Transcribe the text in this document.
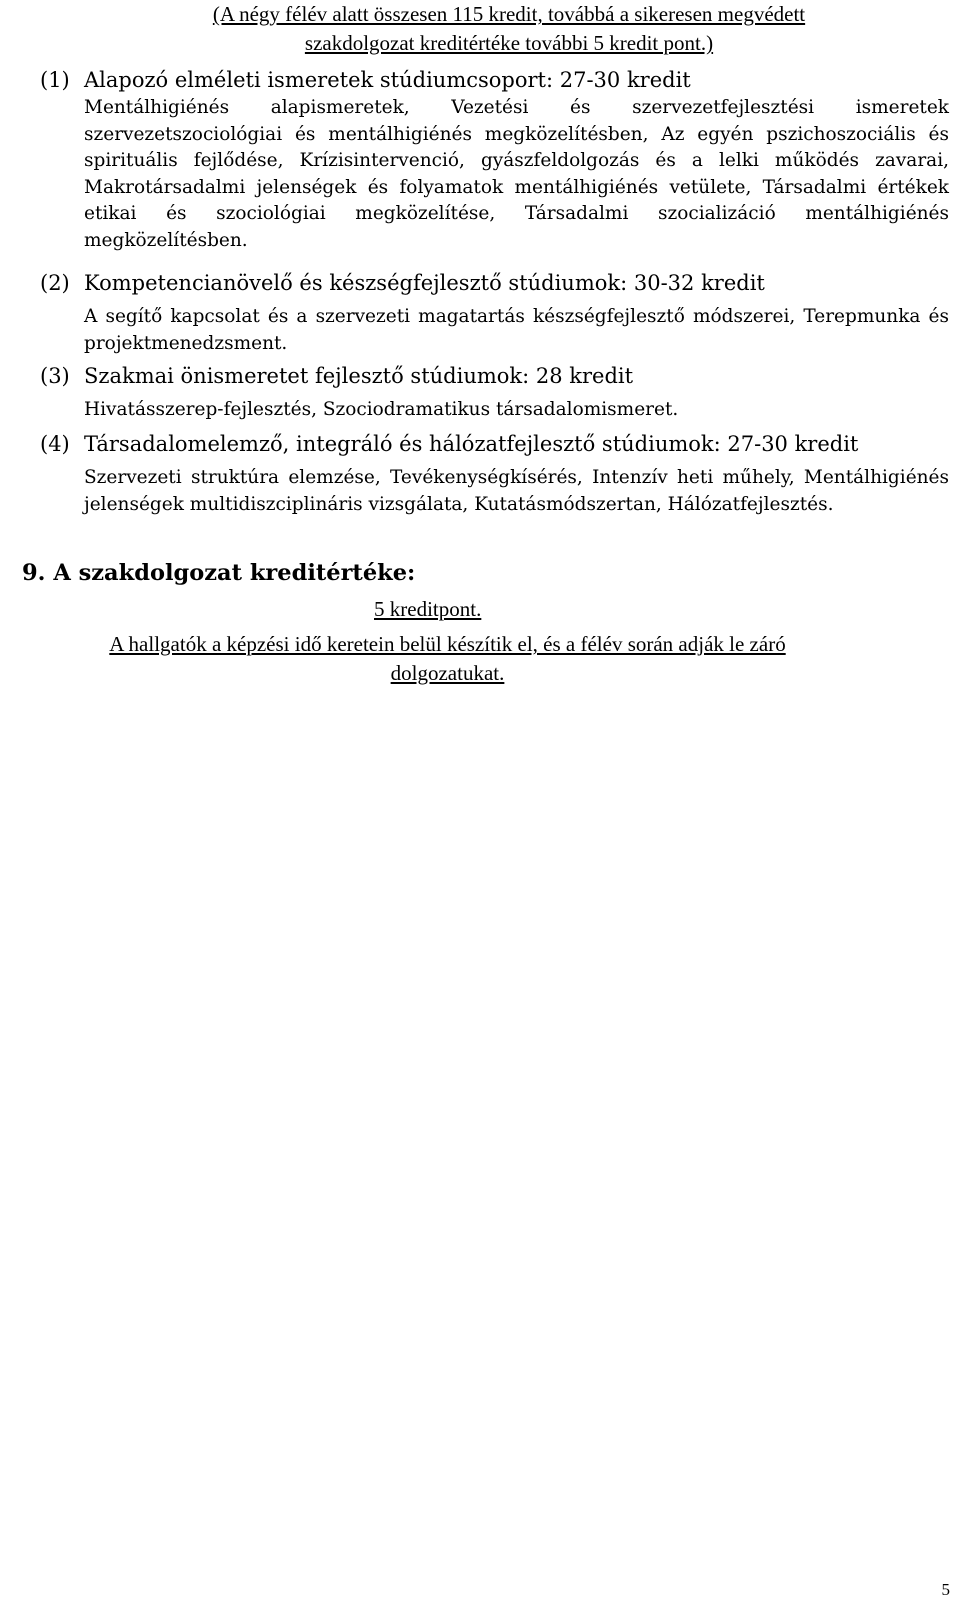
(A négy félév alatt összesen 115 kredit, továbbá a sikeresen megvédett
szakdolgozat kreditértéke további 5 kredit pont.)
(1) Alapozó elméleti ismeretek stúdiumcsoport: 27-30 kredit
Mentálhigiénés alapismeretek, Vezetési és szervezetfejlesztési ismeretek szervezetszociológiai és mentálhigiénés megközelítésben, Az egyén pszichoszociális és spirituális fejlődése, Krízisintervenció, gyászfeldolgozás és a lelki működés zavarai, Makrotársadalmi jelenségek és folyamatok mentálhigiénés vetülete, Társadalmi értékek etikai és szociológiai megközelítése, Társadalmi szocializáció mentálhigiénés megközelítésben.
(2) Kompetencianövelő és készségfejlesztő stúdiumok: 30-32 kredit
A segítő kapcsolat és a szervezeti magatartás készségfejlesztő módszerei, Terepmunka és projektmenedzsment.
(3) Szakmai önismeretet fejlesztő stúdiumok: 28 kredit
Hivatásszerep-fejlesztés, Szociodramatikus társadalomismeret.
(4) Társadalomelemző, integráló és hálózatfejlesztő stúdiumok: 27-30 kredit
Szervezeti struktúra elemzése, Tevékenységkísérés, Intenzív heti műhely, Mentálhigiénés jelenségek multidiszciplináris vizsgálata, Kutatásmódszertan, Hálózatfejlesztés.
9. A szakdolgozat kreditértéke:
5 kreditpont.
A hallgatók a képzési idő keretein belül készítik el, és a félév során adják le záró
dolgozatukat.
5
